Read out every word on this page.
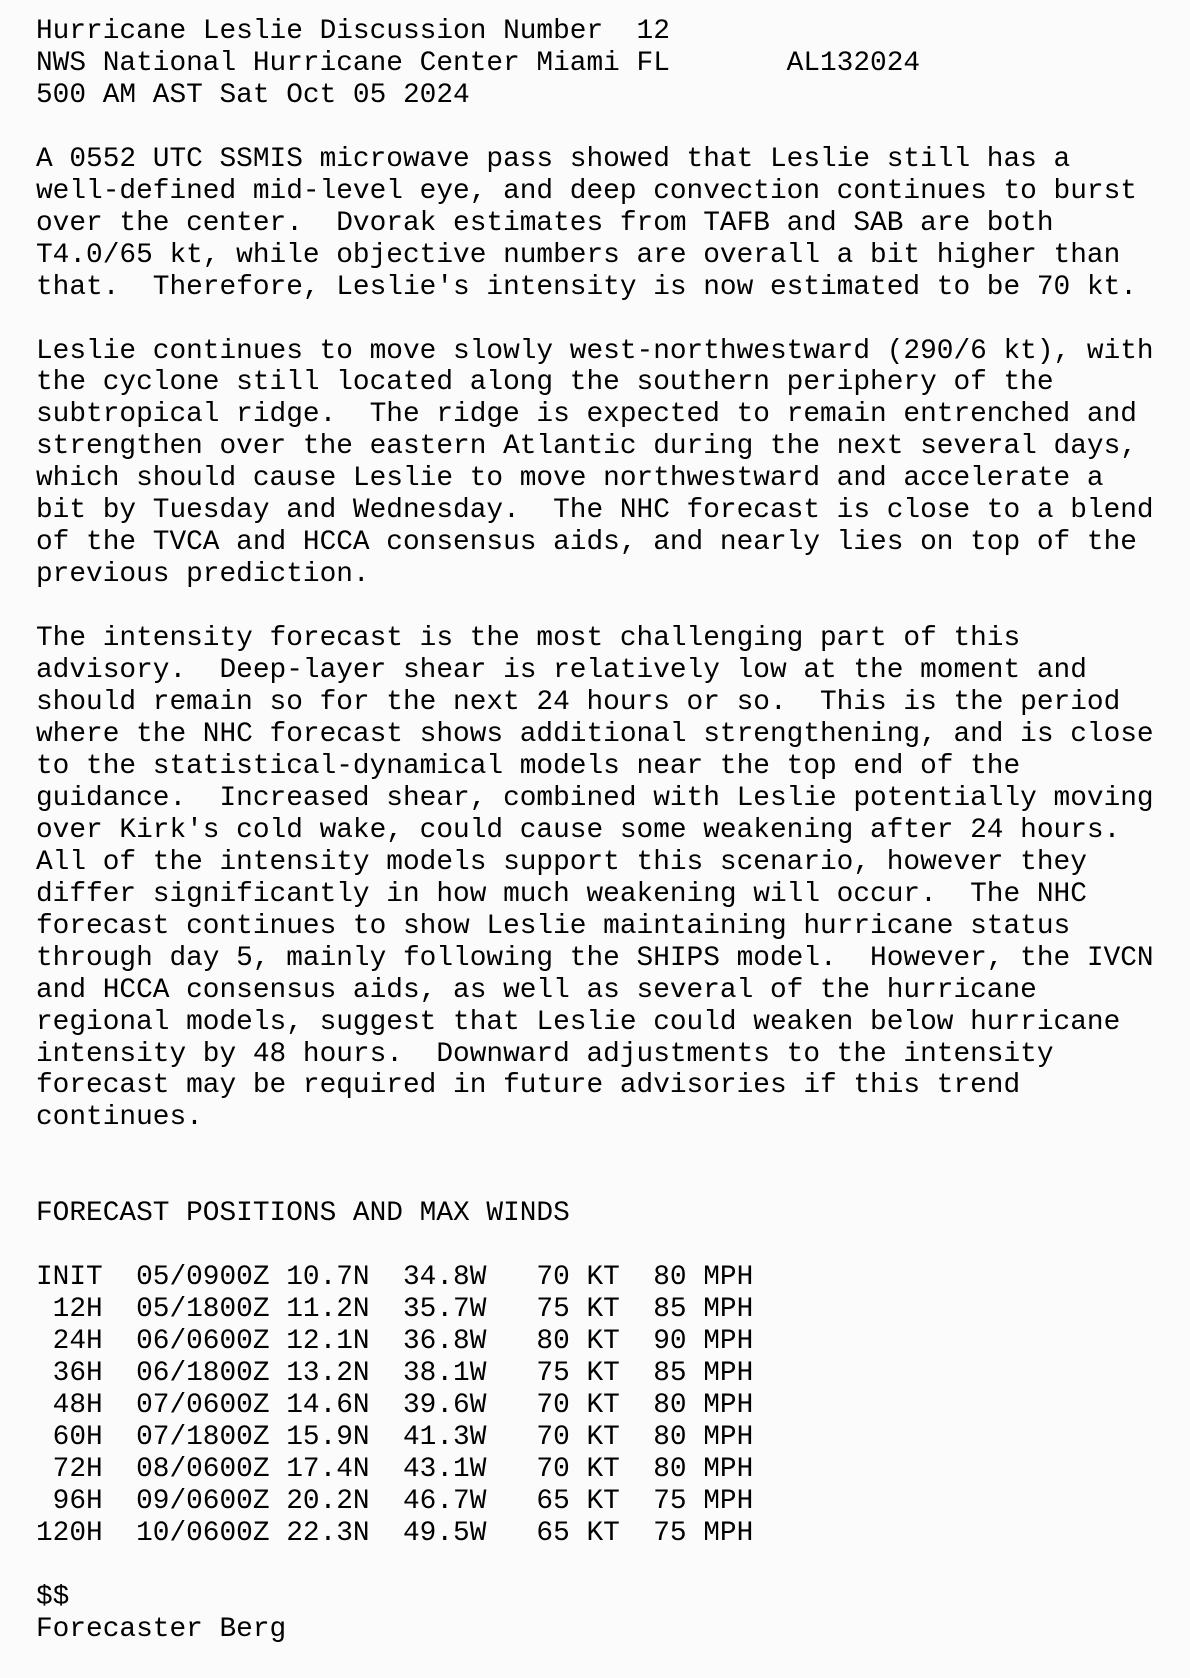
Hurricane Leslie Discussion Number  12
NWS National Hurricane Center Miami FL       AL132024
500 AM AST Sat Oct 05 2024

A 0552 UTC SSMIS microwave pass showed that Leslie still has a
well-defined mid-level eye, and deep convection continues to burst
over the center.  Dvorak estimates from TAFB and SAB are both
T4.0/65 kt, while objective numbers are overall a bit higher than
that.  Therefore, Leslie's intensity is now estimated to be 70 kt.

Leslie continues to move slowly west-northwestward (290/6 kt), with
the cyclone still located along the southern periphery of the
subtropical ridge.  The ridge is expected to remain entrenched and
strengthen over the eastern Atlantic during the next several days,
which should cause Leslie to move northwestward and accelerate a
bit by Tuesday and Wednesday.  The NHC forecast is close to a blend
of the TVCA and HCCA consensus aids, and nearly lies on top of the
previous prediction.

The intensity forecast is the most challenging part of this
advisory.  Deep-layer shear is relatively low at the moment and
should remain so for the next 24 hours or so.  This is the period
where the NHC forecast shows additional strengthening, and is close
to the statistical-dynamical models near the top end of the
guidance.  Increased shear, combined with Leslie potentially moving
over Kirk's cold wake, could cause some weakening after 24 hours.
All of the intensity models support this scenario, however they
differ significantly in how much weakening will occur.  The NHC
forecast continues to show Leslie maintaining hurricane status
through day 5, mainly following the SHIPS model.  However, the IVCN
and HCCA consensus aids, as well as several of the hurricane
regional models, suggest that Leslie could weaken below hurricane
intensity by 48 hours.  Downward adjustments to the intensity
forecast may be required in future advisories if this trend
continues.

FORECAST POSITIONS AND MAX WINDS

INIT  05/0900Z 10.7N  34.8W   70 KT  80 MPH
12H  05/1800Z 11.2N  35.7W   75 KT  85 MPH
24H  06/0600Z 12.1N  36.8W   80 KT  90 MPH
36H  06/1800Z 13.2N  38.1W   75 KT  85 MPH
48H  07/0600Z 14.6N  39.6W   70 KT  80 MPH
60H  07/1800Z 15.9N  41.3W   70 KT  80 MPH
72H  08/0600Z 17.4N  43.1W   70 KT  80 MPH
96H  09/0600Z 20.2N  46.7W   65 KT  75 MPH
120H  10/0600Z 22.3N  49.5W   65 KT  75 MPH

$$
Forecaster Berg
